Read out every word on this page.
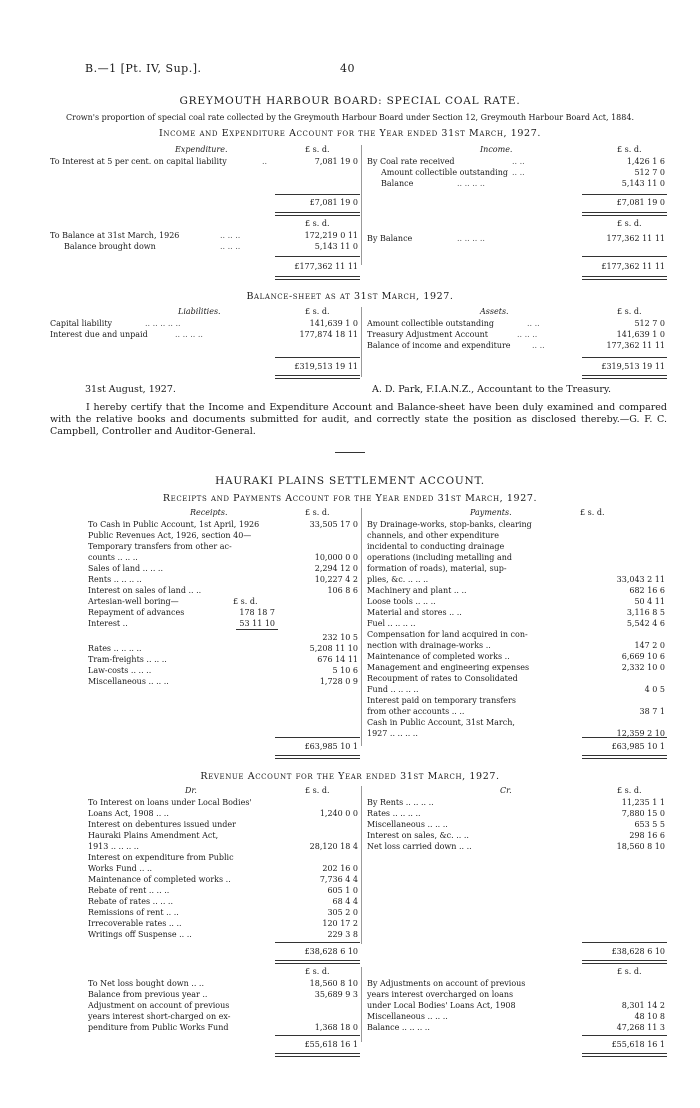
B.—1 [Pt. IV, Sup.].	40
GREYMOUTH HARBOUR BOARD: SPECIAL COAL RATE.
Crown's proportion of special coal rate collected by the Greymouth Harbour Board under Section 12, Greymouth Harbour Board Act, 1884.
Income and Expenditure Account for the Year ended 31st March, 1927.
Expenditure.	£ s. d.	Income.	£ s. d.
To Interest at 5 per cent. on capital liability	..	7,081 19 0 By Coal rate received	.. ..	1,426 1 6
Amount collectible outstanding .. ..	512 7 0
Balance	.. .. .. ..	5,143 11 0
£7,081 19 0	£7,081 19 0
£ s. d.	£ s. d.
To Balance at 31st March, 1926	.. .. ..	172,219 0 11
Balance brought down	.. .. ..	5,143 11 0
By Balance	.. .. .. ..	177,362 11 11
£177,362 11 11	£177,362 11 11
Balance-sheet as at 31st March, 1927.
Liabilities.	£ s. d.	Assets.	£ s. d.
Capital liability	.. .. .. .. ..	141,639 1 0
Interest due and unpaid	.. .. .. ..	177,874 18 11
Amount collectible outstanding	.. ..	512 7 0
Treasury Adjustment Account	.. .. ..	141,639 1 0
Balance of income and expenditure	.. ..	177,362 11 11
£319,513 19 11	£319,513 19 11
31st August, 1927.	A. D. Park, F.I.A.N.Z., Accountant to the Treasury.
I hereby certify that the Income and Expenditure Account and Balance-sheet have been duly examined and compared with the relative books and documents submitted for audit, and correctly state the position as disclosed thereby.—G. F. C. Campbell, Controller and Auditor-General.
HAURAKI PLAINS SETTLEMENT ACCOUNT.
Receipts and Payments Account for the Year ended 31st March, 1927.
Receipts.	£ s. d.	Payments.	£ s. d.
To Cash in Public Account, 1st April, 1926	33,505 17 0
Public Revenues Act, 1926, section 40—
Temporary transfers from other ac-
counts .. .. ..	10,000 0 0
Sales of land .. .. ..	2,294 12 0
Rents .. .. .. ..	10,227 4 2
Interest on sales of land .. ..	106 8 6
Artesian-well boring—	£ s. d.
Repayment of advances	178 18 7
Interest ..	53 11 10
232 10 5
Rates .. .. .. ..	5,208 11 10
Tram-freights .. .. ..	676 14 11
Law-costs .. .. ..	5 10 6
Miscellaneous .. .. ..	1,728 0 9
By Drainage-works, stop-banks, clearing
channels, and other expenditure
incidental to conducting drainage
operations (including metalling and
formation of roads), material, sup-
plies, &c. .. .. ..	33,043 2 11
Machinery and plant .. ..	682 16 6
Loose tools .. .. ..	50 4 11
Material and stores .. ..	3,116 8 5
Fuel .. .. .. ..	5,542 4 6
Compensation for land acquired in con-
nection with drainage-works ..	147 2 0
Maintenance of completed works ..	6,669 10 6
Management and engineering expenses	2,332 10 0
Recoupment of rates to Consolidated
Fund .. .. .. ..	4 0 5
Interest paid on temporary transfers
from other accounts .. ..	38 7 1
Cash in Public Account, 31st March,
1927 .. .. .. ..	12,359 2 10
£63,985 10 1	£63,985 10 1
Revenue Account for the Year ended 31st March, 1927.
Dr.	£ s. d.	Cr.	£ s. d.
To Interest on loans under Local Bodies'
Loans Act, 1908 .. ..	1,240 0 0
Interest on debentures issued under
Hauraki Plains Amendment Act,
1913 .. .. .. ..	28,120 18 4
Interest on expenditure from Public
Works Fund .. ..	202 16 0
Maintenance of completed works ..	7,736 4 4
Rebate of rent .. .. ..	605 1 0
Rebate of rates .. .. ..	68 4 4
Remissions of rent .. ..	305 2 0
Irrecoverable rates .. ..	120 17 2
Writings off Suspense .. ..	229 3 8
By Rents .. .. .. ..	11,235 1 1
Rates .. .. .. ..	7,880 15 0
Miscellaneous .. .. ..	653 5 5
Interest on sales, &c. .. ..	298 16 6
Net loss carried down .. ..	18,560 8 10
£38,628 6 10	£38,628 6 10
£ s. d.	£ s. d.
To Net loss bought down .. ..	18,560 8 10
Balance from previous year ..	35,689 9 3
Adjustment on account of previous
years interest short-charged on ex-
penditure from Public Works Fund	1,368 18 0
By Adjustments on account of previous
years interest overcharged on loans
under Local Bodies' Loans Act, 1908	8,301 14 2
Miscellaneous .. .. ..	48 10 8
Balance .. .. .. ..	47,268 11 3
£55,618 16 1	£55,618 16 1
